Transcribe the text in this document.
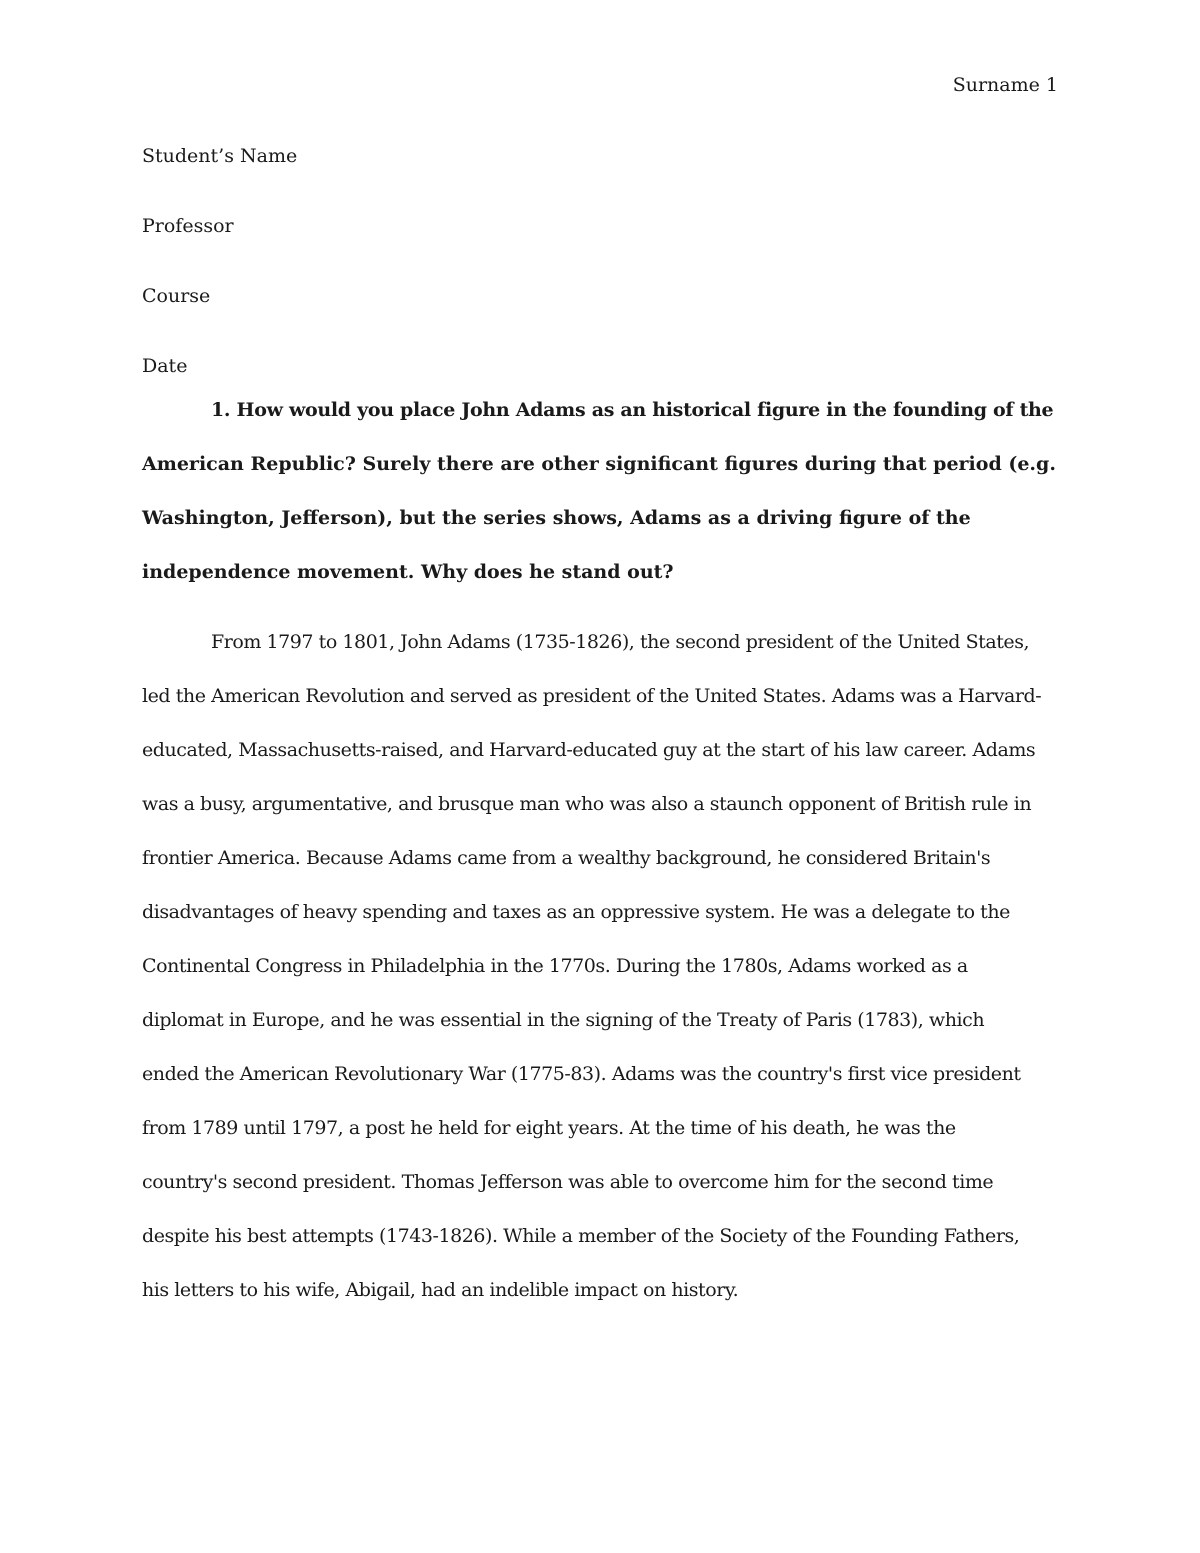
Surname 1
Student’s Name
Professor
Course
Date
1. How would you place John Adams as an historical figure in the founding of the
American Republic? Surely there are other significant figures during that period (e.g.
Washington, Jefferson), but the series shows, Adams as a driving figure of the
independence movement. Why does he stand out?
From 1797 to 1801, John Adams (1735-1826), the second president of the United States,
led the American Revolution and served as president of the United States. Adams was a Harvard-
educated, Massachusetts-raised, and Harvard-educated guy at the start of his law career. Adams
was a busy, argumentative, and brusque man who was also a staunch opponent of British rule in
frontier America. Because Adams came from a wealthy background, he considered Britain's
disadvantages of heavy spending and taxes as an oppressive system. He was a delegate to the
Continental Congress in Philadelphia in the 1770s. During the 1780s, Adams worked as a
diplomat in Europe, and he was essential in the signing of the Treaty of Paris (1783), which
ended the American Revolutionary War (1775-83). Adams was the country's first vice president
from 1789 until 1797, a post he held for eight years. At the time of his death, he was the
country's second president. Thomas Jefferson was able to overcome him for the second time
despite his best attempts (1743-1826). While a member of the Society of the Founding Fathers,
his letters to his wife, Abigail, had an indelible impact on history.
